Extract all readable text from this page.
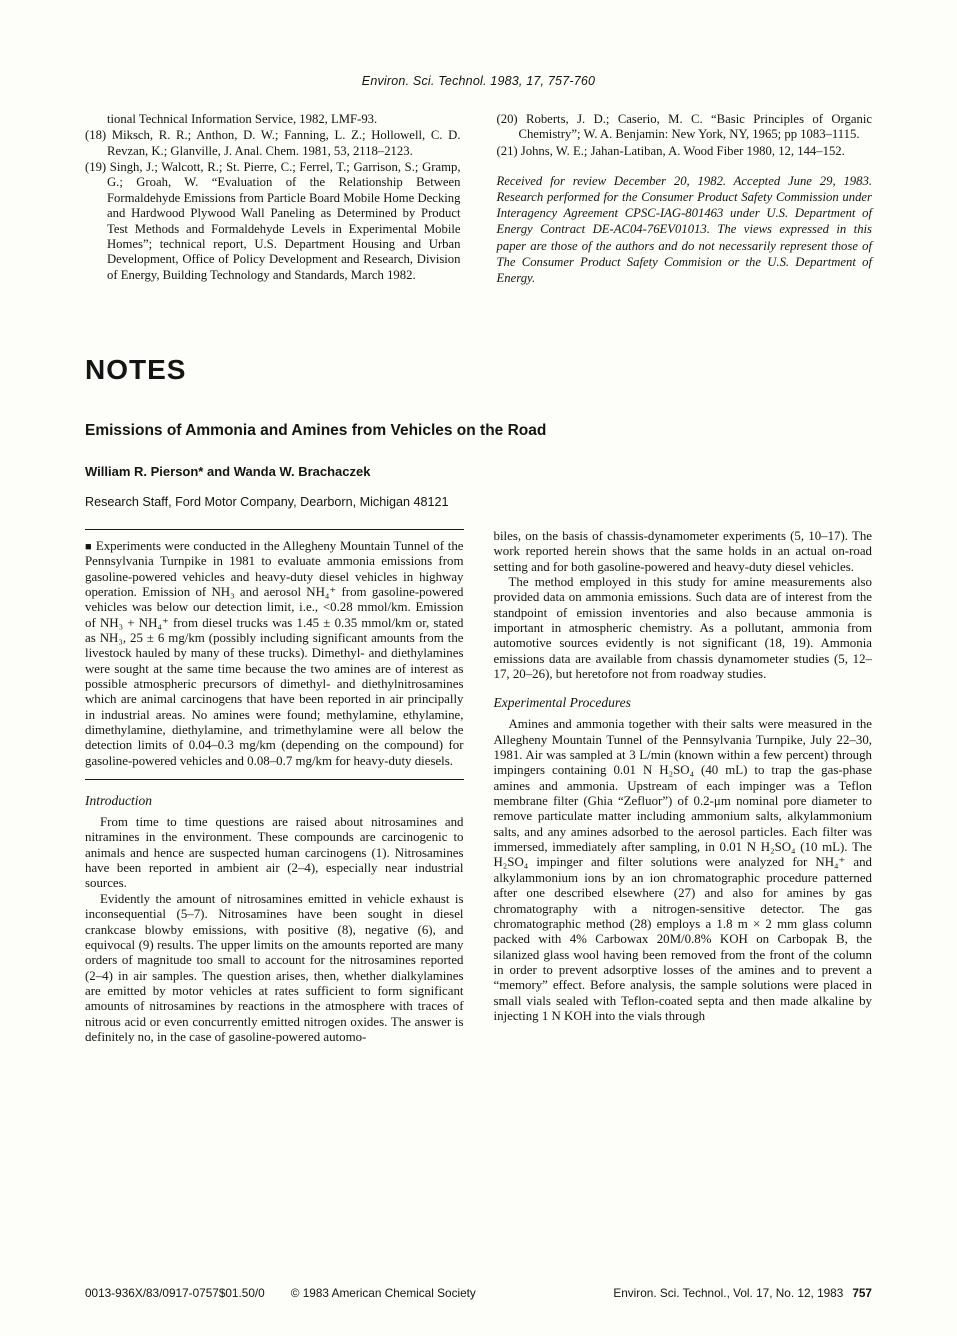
Environ. Sci. Technol. 1983, 17, 757-760

tional Technical Information Service, 1982, LMF-93.

(18) Miksch, R. R.; Anthon, D. W.; Fanning, L. Z.; Hollowell, C. D. Revzan, K.; Glanville, J. Anal. Chem. 1981, 53, 2118–2123.

(19) Singh, J.; Walcott, R.; St. Pierre, C.; Ferrel, T.; Garrison, S.; Gramp, G.; Groah, W. “Evaluation of the Relationship Between Formaldehyde Emissions from Particle Board Mobile Home Decking and Hardwood Plywood Wall Paneling as Determined by Product Test Methods and Formaldehyde Levels in Experimental Mobile Homes”; technical report, U.S. Department Housing and Urban Development, Office of Policy Development and Research, Division of Energy, Building Technology and Standards, March 1982.

(20) Roberts, J. D.; Caserio, M. C. “Basic Principles of Organic Chemistry”; W. A. Benjamin: New York, NY, 1965; pp 1083–1115.

(21) Johns, W. E.; Jahan-Latiban, A. Wood Fiber 1980, 12, 144–152.

Received for review December 20, 1982. Accepted June 29, 1983. Research performed for the Consumer Product Safety Commission under Interagency Agreement CPSC-IAG-801463 under U.S. Department of Energy Contract DE-AC04-76EV01013. The views expressed in this paper are those of the authors and do not necessarily represent those of The Consumer Product Safety Commision or the U.S. Department of Energy.

NOTES
Emissions of Ammonia and Amines from Vehicles on the Road
William R. Pierson* and Wanda W. Brachaczek
Research Staff, Ford Motor Company, Dearborn, Michigan 48121

■ Experiments were conducted in the Allegheny Mountain Tunnel of the Pennsylvania Turnpike in 1981 to evaluate ammonia emissions from gasoline-powered vehicles and heavy-duty diesel vehicles in highway operation. Emission of NH₃ and aerosol NH₄⁺ from gasoline-powered vehicles was below our detection limit, i.e., <0.28 mmol/km. Emission of NH₃ + NH₄⁺ from diesel trucks was 1.45 ± 0.35 mmol/km or, stated as NH₃, 25 ± 6 mg/km (possibly including significant amounts from the livestock hauled by many of these trucks). Dimethyl- and diethylamines were sought at the same time because the two amines are of interest as possible atmospheric precursors of dimethyl- and diethylnitrosamines which are animal carcinogens that have been reported in air principally in industrial areas. No amines were found; methylamine, ethylamine, dimethylamine, diethylamine, and trimethylamine were all below the detection limits of 0.04–0.3 mg/km (depending on the compound) for gasoline-powered vehicles and 0.08–0.7 mg/km for heavy-duty diesels.

Introduction

From time to time questions are raised about nitrosamines and nitramines in the environment. These compounds are carcinogenic to animals and hence are suspected human carcinogens (1). Nitrosamines have been reported in ambient air (2–4), especially near industrial sources.

Evidently the amount of nitrosamines emitted in vehicle exhaust is inconsequential (5–7). Nitrosamines have been sought in diesel crankcase blowby emissions, with positive (8), negative (6), and equivocal (9) results. The upper limits on the amounts reported are many orders of magnitude too small to account for the nitrosamines reported (2–4) in air samples. The question arises, then, whether dialkylamines are emitted by motor vehicles at rates sufficient to form significant amounts of nitrosamines by reactions in the atmosphere with traces of nitrous acid or even concurrently emitted nitrogen oxides. The answer is definitely no, in the case of gasoline-powered automo-

biles, on the basis of chassis-dynamometer experiments (5, 10–17). The work reported herein shows that the same holds in an actual on-road setting and for both gasoline-powered and heavy-duty diesel vehicles.

The method employed in this study for amine measurements also provided data on ammonia emissions. Such data are of interest from the standpoint of emission inventories and also because ammonia is important in atmospheric chemistry. As a pollutant, ammonia from automotive sources evidently is not significant (18, 19). Ammonia emissions data are available from chassis dynamometer studies (5, 12–17, 20–26), but heretofore not from roadway studies.

Experimental Procedures

Amines and ammonia together with their salts were measured in the Allegheny Mountain Tunnel of the Pennsylvania Turnpike, July 22–30, 1981. Air was sampled at 3 L/min (known within a few percent) through impingers containing 0.01 N H₂SO₄ (40 mL) to trap the gas-phase amines and ammonia. Upstream of each impinger was a Teflon membrane filter (Ghia “Zefluor”) of 0.2-μm nominal pore diameter to remove particulate matter including ammonium salts, alkylammonium salts, and any amines adsorbed to the aerosol particles. Each filter was immersed, immediately after sampling, in 0.01 N H₂SO₄ (10 mL). The H₂SO₄ impinger and filter solutions were analyzed for NH₄⁺ and alkylammonium ions by an ion chromatographic procedure patterned after one described elsewhere (27) and also for amines by gas chromatography with a nitrogen-sensitive detector. The gas chromatographic method (28) employs a 1.8 m × 2 mm glass column packed with 4% Carbowax 20M/0.8% KOH on Carbopak B, the silanized glass wool having been removed from the front of the column in order to prevent adsorptive losses of the amines and to prevent a “memory” effect. Before analysis, the sample solutions were placed in small vials sealed with Teflon-coated septa and then made alkaline by injecting 1 N KOH into the vials through

0013-936X/83/0917-0757$01.50/0 © 1983 American Chemical Society	Environ. Sci. Technol., Vol. 17, No. 12, 1983 757
